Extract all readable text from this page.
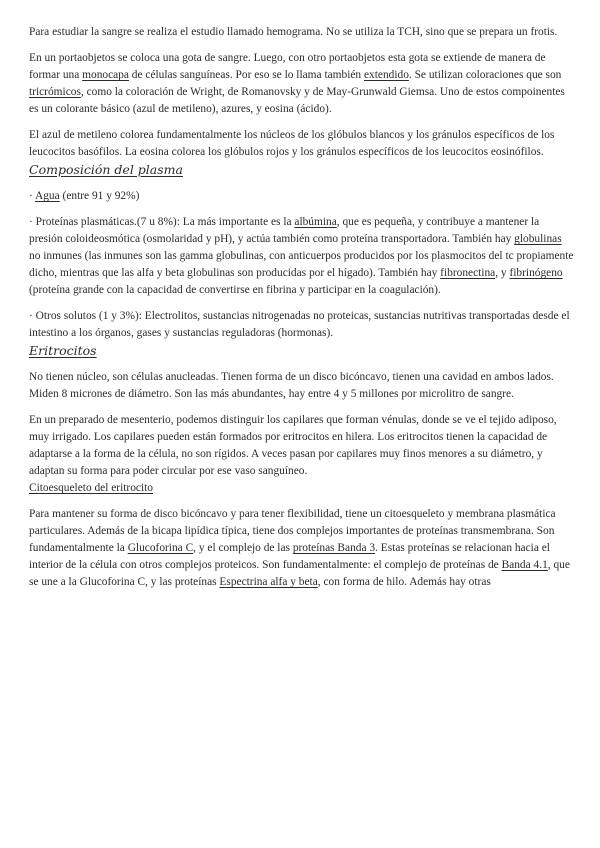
Para estudiar la sangre se realiza el estudio llamado hemograma. No se utiliza la TCH, sino que se prepara un frotis.

En un portaobjetos se coloca una gota de sangre. Luego, con otro portaobjetos esta gota se extiende de manera de formar una monocapa de células sanguíneas. Por eso se lo llama también extendido. Se utilizan coloraciones que son tricrómicos, como la coloración de Wright, de Romanovsky y de May-Grunwald Giemsa. Uno de estos compoinentes es un colorante básico (azul de metileno), azures, y eosina (ácido).

El azul de metileno colorea fundamentalmente los núcleos de los glóbulos blancos y los gránulos específicos de los leucocitos basófilos. La eosina colorea los glóbulos rojos y los gránulos específicos de los leucocitos eosinófilos.

Composición del plasma

· Agua (entre 91 y 92%)

· Proteínas plasmáticas.(7 u 8%): La más importante es la albúmina, que es pequeña, y contribuye a mantener la presión coloideosmótica (osmolaridad y pH), y actúa también como proteína transportadora. También hay globulinas no inmunes (las inmunes son las gamma globulinas, con anticuerpos producidos por los plasmocitos del tc propiamente dicho, mientras que las alfa y beta globulinas son producidas por el hígado). También hay fibronectina, y fibrinógeno (proteína grande con la capacidad de convertirse en fibrina y participar en la coagulación).

· Otros solutos (1 y 3%): Electrolitos, sustancias nitrogenadas no proteicas, sustancias nutritivas transportadas desde el intestino a los órganos, gases y sustancias reguladoras (hormonas).

Eritrocitos

No tienen núcleo, son células anucleadas. Tienen forma de un disco bicóncavo, tienen una cavidad en ambos lados. Miden 8 micrones de diámetro. Son las más abundantes, hay entre 4 y 5 millones por microlitro de sangre.

En un preparado de mesenterio, podemos distinguir los capilares que forman vénulas, donde se ve el tejido adiposo, muy irrigado. Los capilares pueden están formados por eritrocitos en hilera. Los eritrocitos tienen la capacidad de adaptarse a la forma de la célula, no son rígidos. A veces pasan por capilares muy finos menores a su diámetro, y adaptan su forma para poder circular por ese vaso sanguíneo.

Citoesqueleto del eritrocito

Para mantener su forma de disco bicóncavo y para tener flexibilidad, tiene un citoesqueleto y membrana plasmática particulares. Además de la bicapa lipídica típica, tiene dos complejos importantes de proteínas transmembrana. Son fundamentalmente la Glucoforina C, y el complejo de las proteínas Banda 3. Estas proteínas se relacionan hacia el interior de la célula con otros complejos proteicos. Son fundamentalmente: el complejo de proteínas de Banda 4.1, que se une a la Glucoforina C, y las proteínas Espectrina alfa y beta, con forma de hilo. Además hay otras
